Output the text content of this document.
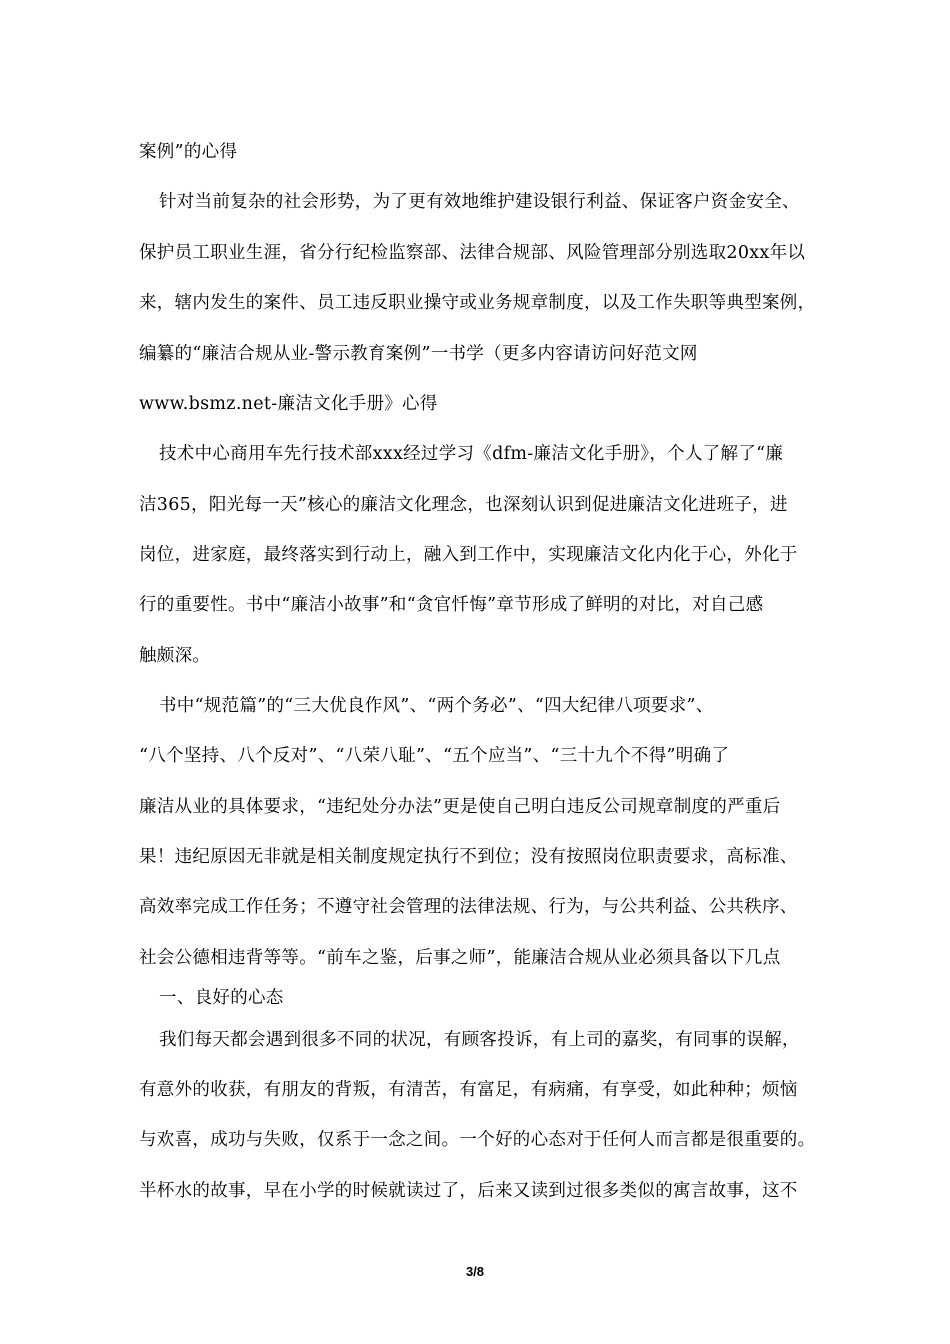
案例”的心得
针对当前复杂的社会形势，为了更有效地维护建设银行利益、保证客户资金安全、
保护员工职业生涯，省分行纪检监察部、法律合规部、风险管理部分别选取20xx年以
来，辖内发生的案件、员工违反职业操守或业务规章制度，以及工作失职等典型案例，
编纂的“廉洁合规从业-警示教育案例”一书学（更多内容请访问好范文网
www.bsmz.net-廉洁文化手册》心得
技术中心商用车先行技术部xxx经过学习《dfm-廉洁文化手册》，个人了解了“廉
洁365，阳光每一天”核心的廉洁文化理念，也深刻认识到促进廉洁文化进班子，进
岗位，进家庭，最终落实到行动上，融入到工作中，实现廉洁文化内化于心，外化于
行的重要性。书中“廉洁小故事”和“贪官忏悔”章节形成了鲜明的对比，对自己感
触颇深。
书中“规范篇”的“三大优良作风”、“两个务必”、“四大纪律八项要求”、
“八个坚持、八个反对”、“八荣八耻”、“五个应当”、“三十九个不得”明确了
廉洁从业的具体要求，“违纪处分办法”更是使自己明白违反公司规章制度的严重后
果！违纪原因无非就是相关制度规定执行不到位；没有按照岗位职责要求，高标准、
高效率完成工作任务；不遵守社会管理的法律法规、行为，与公共利益、公共秩序、
社会公德相违背等等。“前车之鉴，后事之师”，能廉洁合规从业必须具备以下几点
一、良好的心态
我们每天都会遇到很多不同的状况，有顾客投诉，有上司的嘉奖，有同事的误解，
有意外的收获，有朋友的背叛，有清苦，有富足，有病痛，有享受，如此种种；烦恼
与欢喜，成功与失败，仅系于一念之间。一个好的心态对于任何人而言都是很重要的。
半杯水的故事，早在小学的时候就读过了，后来又读到过很多类似的寓言故事，这不
3/8
